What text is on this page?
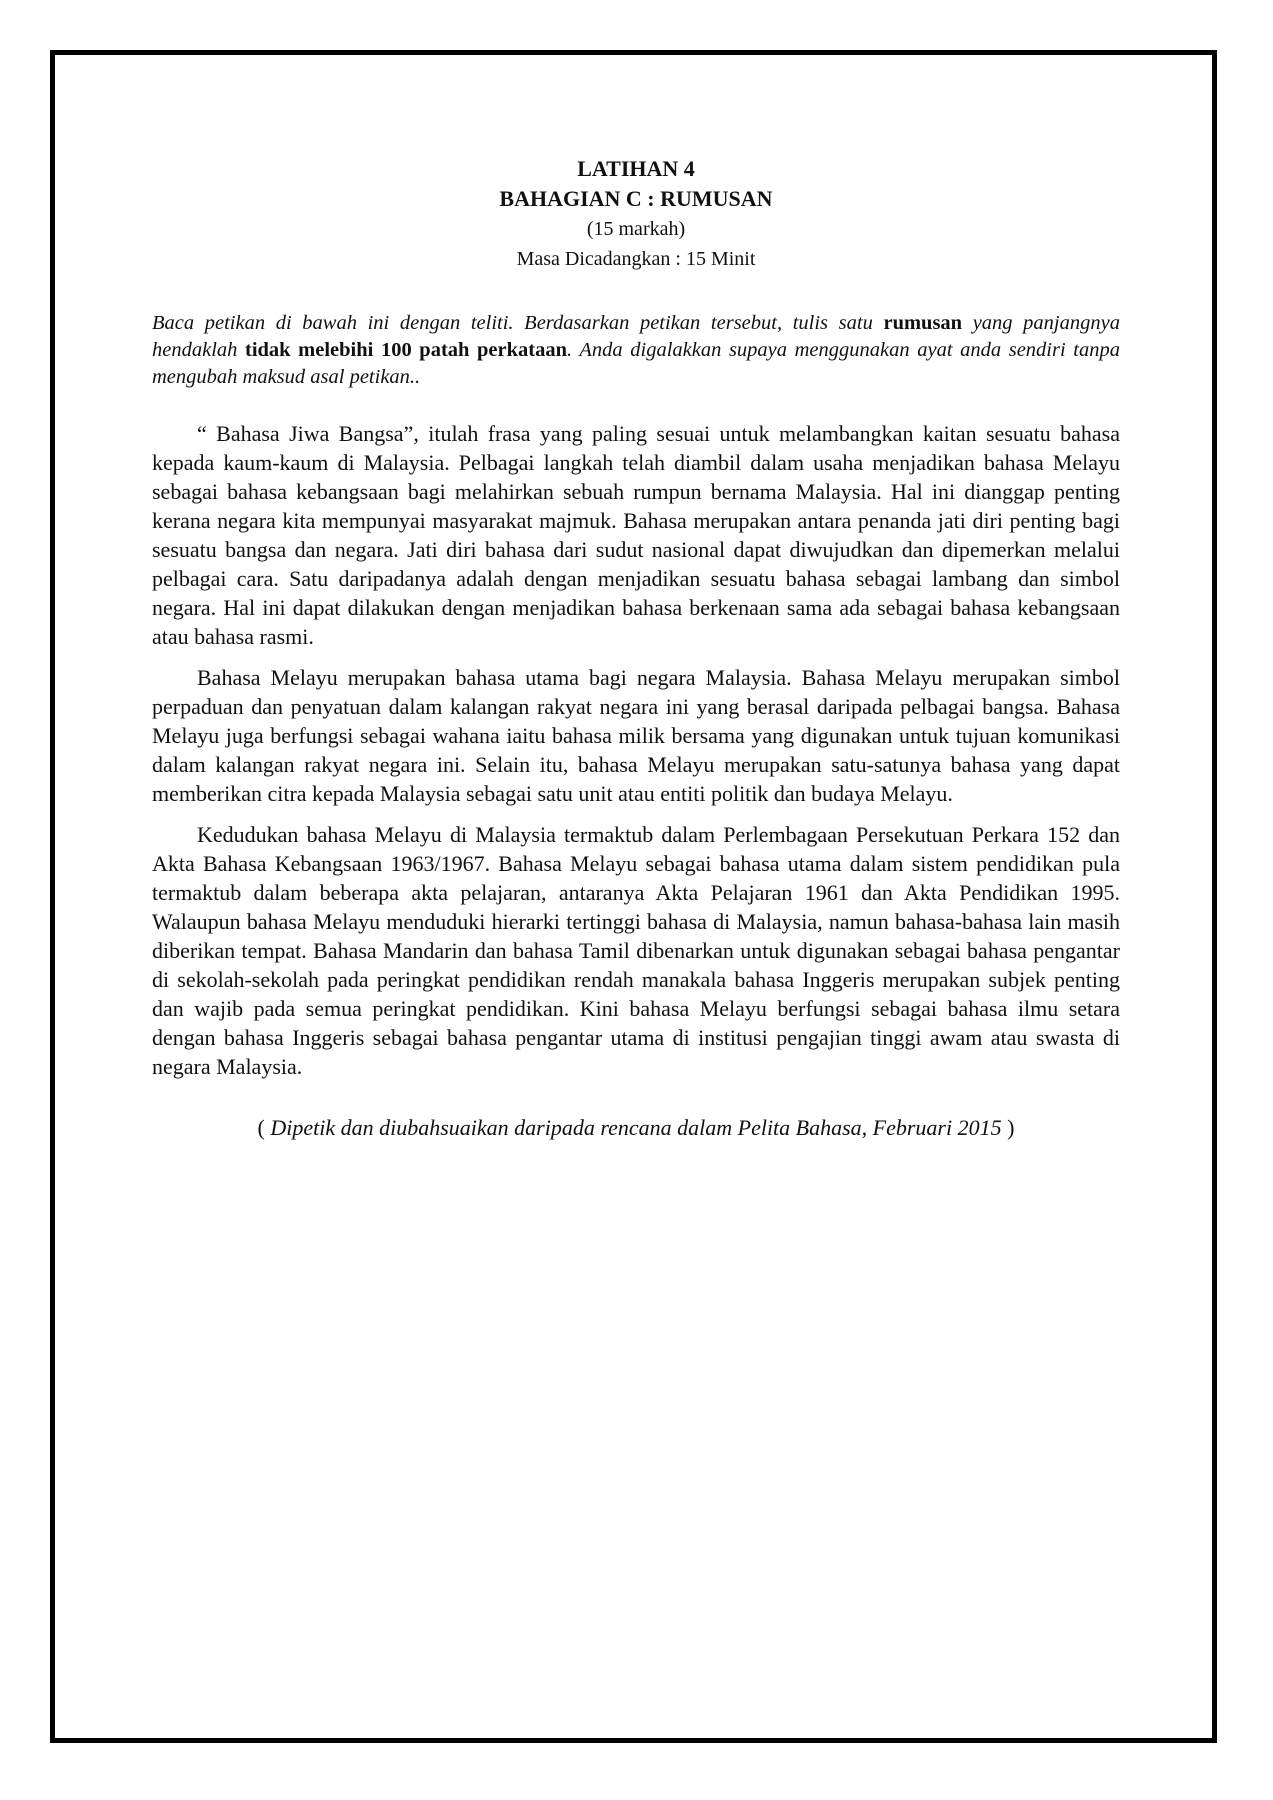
LATIHAN 4
BAHAGIAN C : RUMUSAN
(15 markah)
Masa Dicadangkan : 15 Minit
Baca petikan di bawah ini dengan teliti. Berdasarkan petikan tersebut, tulis satu rumusan yang panjangnya hendaklah tidak melebihi 100 patah perkataan. Anda digalakkan supaya menggunakan ayat anda sendiri tanpa mengubah maksud asal petikan..

“ Bahasa Jiwa Bangsa”, itulah frasa yang paling sesuai untuk melambangkan kaitan sesuatu bahasa kepada kaum-kaum di Malaysia. Pelbagai langkah telah diambil dalam usaha menjadikan bahasa Melayu sebagai bahasa kebangsaan bagi melahirkan sebuah rumpun bernama Malaysia. Hal ini dianggap penting kerana negara kita mempunyai masyarakat majmuk. Bahasa merupakan antara penanda jati diri penting bagi sesuatu bangsa dan negara. Jati diri bahasa dari sudut nasional dapat diwujudkan dan dipemerkan melalui pelbagai cara. Satu daripadanya adalah dengan menjadikan sesuatu bahasa sebagai lambang dan simbol negara. Hal ini dapat dilakukan dengan menjadikan bahasa berkenaan sama ada sebagai bahasa kebangsaan atau bahasa rasmi.

Bahasa Melayu merupakan bahasa utama bagi negara Malaysia. Bahasa Melayu merupakan simbol perpaduan dan penyatuan dalam kalangan rakyat negara ini yang berasal daripada pelbagai bangsa. Bahasa Melayu juga berfungsi sebagai wahana iaitu bahasa milik bersama yang digunakan untuk tujuan komunikasi dalam kalangan rakyat negara ini. Selain itu, bahasa Melayu merupakan satu-satunya bahasa yang dapat memberikan citra kepada Malaysia sebagai satu unit atau entiti politik dan budaya Melayu.

Kedudukan bahasa Melayu di Malaysia termaktub dalam Perlembagaan Persekutuan Perkara 152 dan Akta Bahasa Kebangsaan 1963/1967. Bahasa Melayu sebagai bahasa utama dalam sistem pendidikan pula termaktub dalam beberapa akta pelajaran, antaranya Akta Pelajaran 1961 dan Akta Pendidikan 1995. Walaupun bahasa Melayu menduduki hierarki tertinggi bahasa di Malaysia, namun bahasa-bahasa lain masih diberikan tempat. Bahasa Mandarin dan bahasa Tamil dibenarkan untuk digunakan sebagai bahasa pengantar di sekolah-sekolah pada peringkat pendidikan rendah manakala bahasa Inggeris merupakan subjek penting dan wajib pada semua peringkat pendidikan. Kini bahasa Melayu berfungsi sebagai bahasa ilmu setara dengan bahasa Inggeris sebagai bahasa pengantar utama di institusi pengajian tinggi awam atau swasta di negara Malaysia.

( Dipetik dan diubahsuaikan daripada rencana dalam Pelita Bahasa, Februari 2015 )
